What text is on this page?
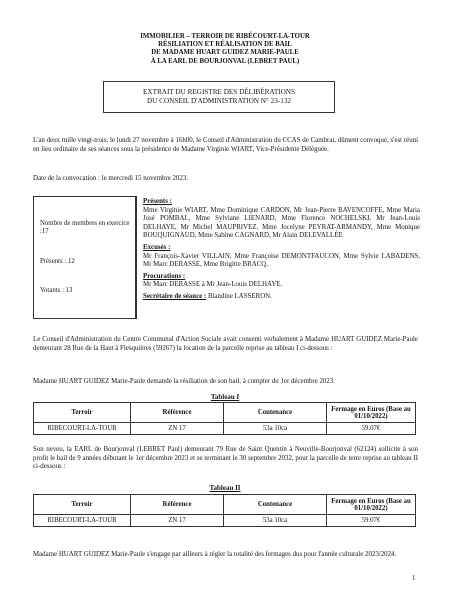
IMMOBILIER – TERROIR DE RIBÉCOURT-LA-TOUR
RÉSILIATION ET RÉALISATION DE BAIL
DE MADAME HUART GUIDEZ MARIE-PAULE
À LA EARL DE BOURJONVAL (LEBRET PAUL)
EXTRAIT DU REGISTRE DES DÉLIBÉRATIONS
DU CONSEIL D'ADMINISTRATION N° 23-132
L'an deux mille vingt-trois, le lundi 27 novembre à 16h00, le Conseil d'Administration du CCAS de Cambrai, dûment convoqué, s'est réuni en lieu ordinaire de ses séances sous la présidence de Madame Virginie WIART, Vice-Présidente Déléguée.
Date de la convocation : le mercredi 15 novembre 2023.
Nombre de membres en exercice :17
Présents : 12
Votants : 13
Présents :
Mme Virginie WIART, Mme Dominique CARDON, Mr Jean-Pierre BAVENCOFFE, Mme Maria José POMBAL, Mme Sylviane LIENARD, Mme Florence NOCHELSKI, Mr Jean-Louis DELHAYE, Mr Michel MAUPRIVEZ, Mme Jocelyne PEYRAT-ARMANDY, Mme Monique BOUQUIGNAUD, Mme Sabine CAGNARD, Mr Alain DELEVALLÉE
Excusés :
Mr François-Xavier VILLAIN, Mme Françoise DEMONTFAUCON, Mme Sylvie LABADENS, Mr Marc DERASSE, Mme Brigitte BRACQ.
Procurations :
Mr Marc DERASSE à Mr Jean-Louis DELHAYE.
Secrétaire de séance : Blandine LASSERON.
Le Conseil d'Administration du Centre Communal d'Action Sociale avait consenti verbalement à Madame HUART GUIDEZ Marie-Paule demeurant 28 Rue de la Haut à Flesquières (59267) la location de la parcelle reprise au tableau I ci-dessous :
Madame HUART GUIDEZ Marie-Paule demande la résiliation de son bail, à compter du 1er décembre 2023.
Tableau I
Terroir	Référence	Contenance	Fermage en Euros (Base au 01/10/2022)
RIBECOURT-LA-TOUR	ZN 17	53a 10ca	59.07€
Son neveu, la EARL de Bourjonval (LEBRET Paul) demeurant 79 Rue de Saint Quentin à Neuville-Bourjonval (62124) sollicite à son profit le bail de 9 années débutant le 1er décembre 2023 et se terminant le 30 septembre 2032, pour la parcelle de terre reprise au tableau II ci-dessous :
Tableau II
Terroir	Référence	Contenance	Fermage en Euros (Base au 01/10/2022)
RIBECOURT-LA-TOUR	ZN 17	53a 10ca	59.07€
Madame HUART GUIDEZ Marie-Paule s'engage par ailleurs à régler la totalité des fermages dus pour l'année culturale 2023/2024.
1
